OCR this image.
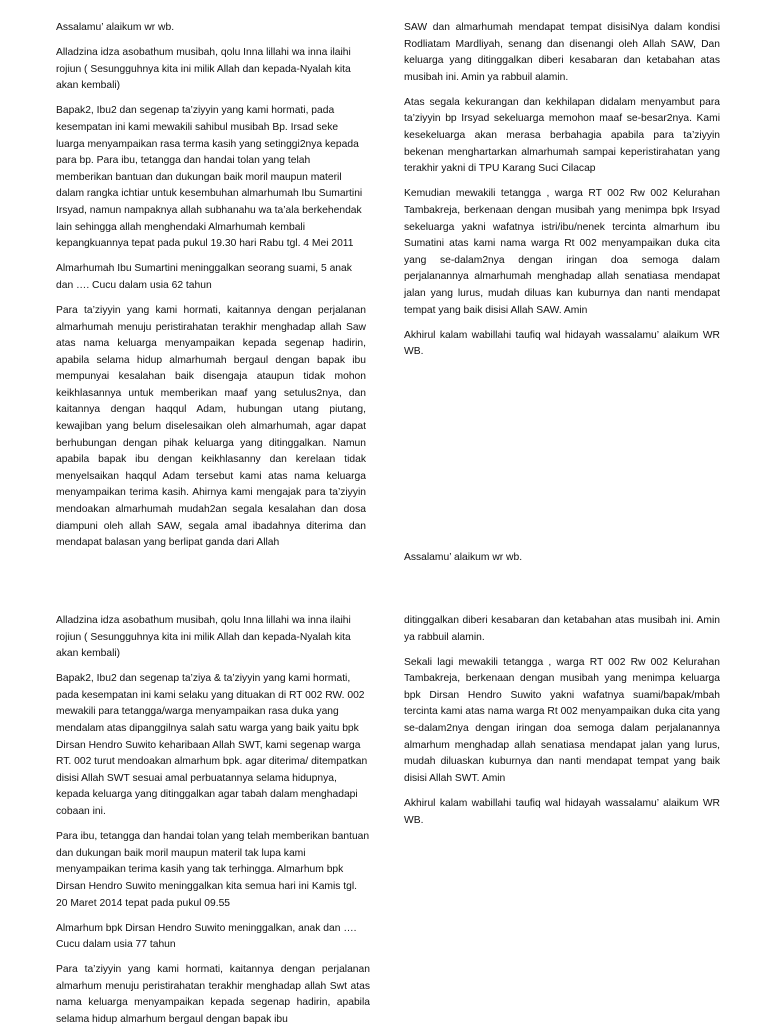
Assalamu’ alaikum wr wb.

Alladzina idza asobathum musibah, qolu Inna lillahi wa inna ilaihi rojiun ( Sesungguhnya kita ini milik Allah dan kepada-Nyalah kita akan kembali)

Bapak2, Ibu2 dan segenap ta’ziyyin yang kami hormati, pada kesempatan ini kami mewakili sahibul musibah Bp. Irsad seke luarga menyampaikan rasa terma kasih yang setinggi2nya kepada para bp. Para ibu, tetangga dan handai tolan yang telah memberikan bantuan dan dukungan baik moril maupun materil dalam rangka ichtiar untuk kesembuhan almarhumah Ibu Sumartini Irsyad, namun nampaknya allah subhanahu wa ta’ala berkehendak lain sehingga allah menghendaki Almarhumah kembali kepangkuannya tepat pada pukul 19.30 hari Rabu tgl. 4 Mei 2011

Almarhumah Ibu Sumartini meninggalkan seorang suami, 5 anak dan …. Cucu dalam usia 62 tahun

Para ta’ziyyin yang kami hormati, kaitannya dengan perjalanan almarhumah menuju peristirahatan terakhir menghadap allah Saw atas nama keluarga menyampaikan kepada segenap hadirin, apabila selama hidup almarhumah bergaul dengan bapak ibu mempunyai kesalahan baik disengaja ataupun tidak mohon keikhlasannya untuk memberikan maaf yang setulus2nya, dan kaitannya dengan haqqul Adam, hubungan utang piutang, kewajiban yang belum diselesaikan oleh almarhumah, agar dapat berhubungan dengan pihak keluarga yang ditinggalkan. Namun apabila bapak ibu dengan keikhlasanny dan kerelaan tidak menyelsaikan haqqul Adam tersebut kami atas nama keluarga menyampaikan terima kasih. Ahirnya kami mengajak para ta’ziyyin mendoakan almarhumah mudah2an segala kesalahan dan dosa diampuni oleh allah SAW, segala amal ibadahnya diterima dan mendapat balasan yang berlipat ganda dari Allah

SAW dan almarhumah mendapat tempat disisiNya dalam kondisi Rodliatam Mardliyah, senang dan disenangi oleh Allah SAW, Dan keluarga yang ditinggalkan diberi kesabaran dan ketabahan atas musibah ini. Amin ya rabbuil alamin.

Atas segala kekurangan dan kekhilapan didalam menyambut para ta’ziyyin bp Irsyad sekeluarga memohon maaf se-besar2nya. Kami kesekeluarga akan merasa berbahagia apabila para ta’ziyyin bekenan menghartarkan almarhumah sampai keperistirahatan yang terakhir yakni di TPU Karang Suci Cilacap

Kemudian mewakili tetangga , warga RT 002 Rw 002 Kelurahan Tambakreja, berkenaan dengan musibah yang menimpa bpk Irsyad sekeluarga yakni wafatnya istri/ibu/nenek tercinta almarhum ibu Sumatini atas kami nama warga Rt 002 menyampaikan duka cita yang se-dalam2nya dengan iringan doa semoga dalam perjalanannya almarhumah menghadap allah senatiasa mendapat jalan yang lurus, mudah diluas kan kuburnya dan nanti mendapat tempat yang baik disisi Allah SAW. Amin

Akhirul kalam wabillahi taufiq wal hidayah wassalamu’ alaikum WR WB.

Assalamu’ alaikum wr wb.

Alladzina idza asobathum musibah, qolu Inna lillahi wa inna ilaihi rojiun ( Sesungguhnya kita ini milik Allah dan kepada-Nyalah kita akan kembali)

Bapak2, Ibu2 dan segenap ta’ziya & ta’ziyyin yang kami hormati, pada kesempatan ini kami selaku yang dituakan di RT 002 RW. 002 mewakili para tetangga/warga menyampaikan rasa duka yang mendalam atas dipanggilnya salah satu warga yang baik yaitu bpk Dirsan Hendro Suwito keharibaan Allah SWT, kami segenap warga RT. 002 turut mendoakan almarhum bpk. agar diterima/ ditempatkan disisi Allah SWT sesuai amal perbuatannya selama hidupnya, kepada keluarga yang ditinggalkan agar tabah dalam menghadapi cobaan ini.

Para ibu, tetangga dan handai tolan yang telah memberikan bantuan dan dukungan baik moril maupun materil tak lupa kami menyampaikan terima kasih yang tak terhingga. Almarhum bpk Dirsan Hendro Suwito meninggalkan kita semua hari ini Kamis tgl. 20 Maret 2014 tepat pada pukul 09.55

Almarhum bpk Dirsan Hendro Suwito meninggalkan, anak dan …. Cucu dalam usia 77 tahun

Para ta’ziyyin yang kami hormati, kaitannya dengan perjalanan almarhum menuju peristirahatan terakhir menghadap allah Swt atas nama keluarga menyampaikan kepada segenap hadirin, apabila selama hidup almarhum bergaul dengan bapak ibu

ditinggalkan diberi kesabaran dan ketabahan atas musibah ini. Amin ya rabbuil alamin.

Sekali lagi mewakili tetangga , warga RT 002 Rw 002 Kelurahan Tambakreja, berkenaan dengan musibah yang menimpa keluarga bpk Dirsan Hendro Suwito yakni wafatnya suami/bapak/mbah tercinta kami atas nama warga Rt 002 menyampaikan duka cita yang se-dalam2nya dengan iringan doa semoga dalam perjalanannya almarhum menghadap allah senatiasa mendapat jalan yang lurus, mudah diluaskan kuburnya dan nanti mendapat tempat yang baik disisi Allah SWT. Amin

Akhirul kalam wabillahi taufiq wal hidayah wassalamu’ alaikum WR WB.
